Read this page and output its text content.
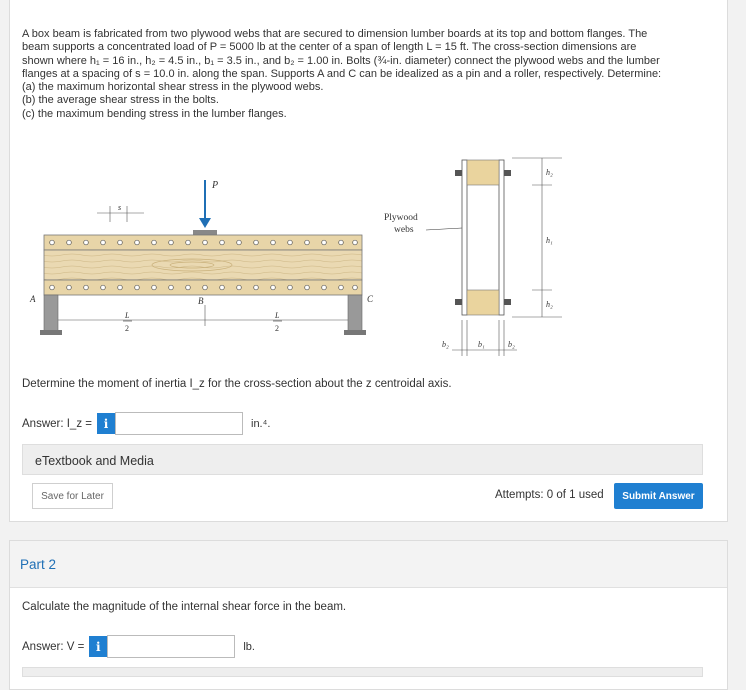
A box beam is fabricated from two plywood webs that are secured to dimension lumber boards at its top and bottom flanges. The

beam supports a concentrated load of P = 5000 lb at the center of a span of length L = 15 ft. The cross-section dimensions are

shown where h₁ = 16 in., h₂ = 4.5 in., b₁ = 3.5 in., and b₂ = 1.00 in. Bolts (¾-in. diameter) connect the plywood webs and the lumber

flanges at a spacing of s = 10.0 in. along the span. Supports A and C can be idealized as a pin and a roller, respectively. Determine:

(a) the maximum horizontal shear stress in the plywood webs.

(b) the average shear stress in the bolts.

(c) the maximum bending stress in the lumber flanges.

P
s
A	B	C
L
2
L
2
Plywood
webs
h₂
h₁
h₂
b₂	b₁	b₂
Determine the moment of inertia I_z for the cross-section about the z centroidal axis.
Answer: I_z = i	in.⁴.
eTextbook and Media
Save for Later	Attempts: 0 of 1 used	Submit Answer
Part 2
Calculate the magnitude of the internal shear force in the beam.
Answer: V = i	lb.
